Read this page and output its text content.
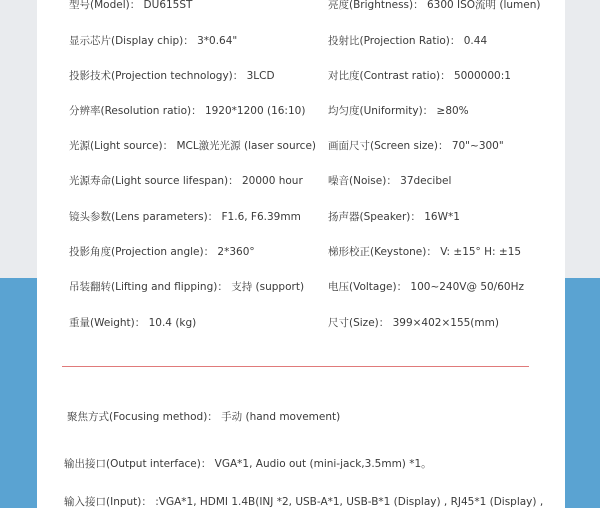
型号(Model)： DU615ST
显示芯片(Display chip)： 3*0.64"
投影技术(Projection technology)： 3LCD
分辨率(Resolution ratio)： 1920*1200 (16:10)
光源(Light source)： MCL激光光源 (laser source)
光源寿命(Light source lifespan)： 20000 hour
镜头参数(Lens parameters)： F1.6, F6.39mm
投影角度(Projection angle)： 2*360°
吊装翻转(Lifting and flipping)： 支持 (support)
重量(Weight)： 10.4 (kg)
亮度(Brightness)： 6300 ISO流明 (lumen)
投射比(Projection Ratio)： 0.44
对比度(Contrast ratio)： 5000000:1
均匀度(Uniformity)： ≥80%
画面尺寸(Screen size)： 70"~300"
噪音(Noise)： 37decibel
扬声器(Speaker)： 16W*1
梯形校正(Keystone)： V: ±15° H: ±15
电压(Voltage)： 100~240V@ 50/60Hz
尺寸(Size)： 399×402×155(mm)
聚焦方式(Focusing method)： 手动 (hand movement)
输出接口(Output interface)： VGA*1, Audio out (mini-jack,3.5mm) *1。
输入接口(Input)： :VGA*1, HDMI 1.4B(INJ *2, USB-A*1, USB-B*1 (Display) , RJ45*1 (Display) ,
